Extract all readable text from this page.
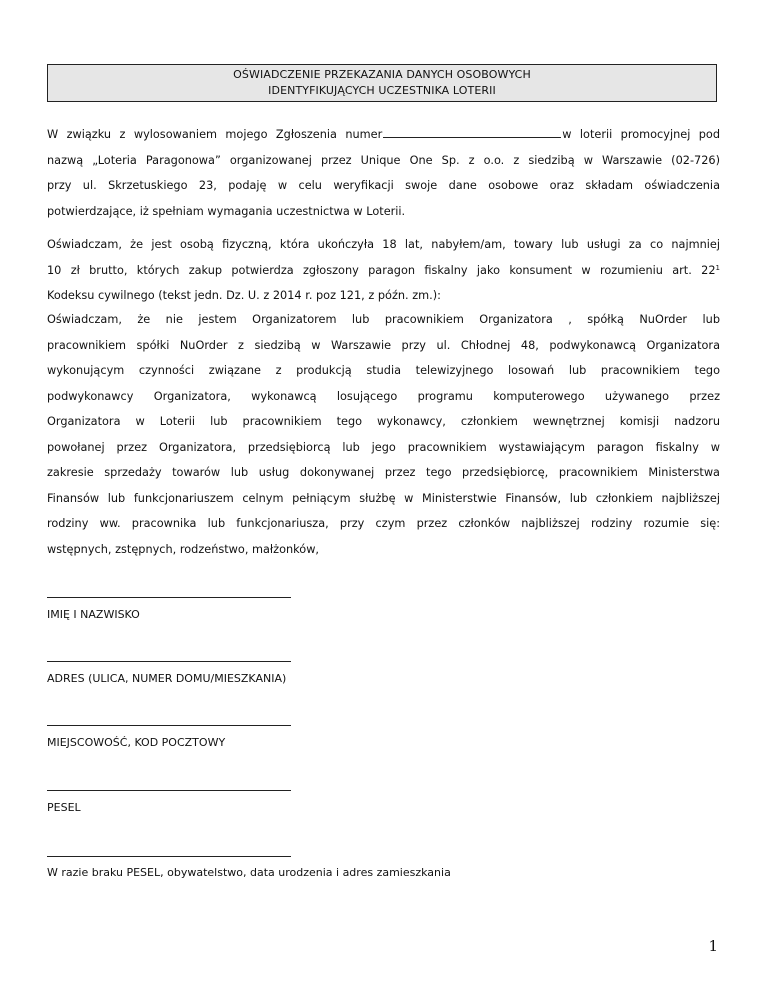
OŚWIADCZENIE PRZEKAZANIA DANYCH OSOBOWYCH
IDENTYFIKUJĄCYCH UCZESTNIKA LOTERII

W związku z wylosowaniem mojego Zgłoszenia numer	w loterii promocyjnej pod
nazwą „Loteria Paragonowa” organizowanej przez Unique One Sp. z o.o. z siedzibą w Warszawie (02-726)
przy ul. Skrzetuskiego 23, podaję w celu weryfikacji swoje dane osobowe oraz składam oświadczenia
potwierdzające, iż spełniam wymagania uczestnictwa w Loterii.

Oświadczam, że jest osobą fizyczną, która ukończyła 18 lat, nabyłem/am, towary lub usługi za co najmniej
10 zł brutto, których zakup potwierdza zgłoszony paragon fiskalny jako konsument w rozumieniu art. $22^1$
Kodeksu cywilnego (tekst jedn. Dz. U. z 2014 r. poz 121, z późn. zm.):

Oświadczam, że nie jestem Organizatorem lub pracownikiem Organizatora , spółką NuOrder lub
pracownikiem spółki NuOrder z siedzibą w Warszawie przy ul. Chłodnej 48, podwykonawcą Organizatora
wykonującym czynności związane z produkcją studia telewizyjnego losowań lub pracownikiem tego
podwykonawcy Organizatora, wykonawcą losującego programu komputerowego używanego przez
Organizatora w Loterii lub pracownikiem tego wykonawcy, członkiem wewnętrznej komisji nadzoru
powołanej przez Organizatora, przedsiębiorcą lub jego pracownikiem wystawiającym paragon fiskalny w
zakresie sprzedaży towarów lub usług dokonywanej przez tego przedsiębiorcę, pracownikiem Ministerstwa
Finansów lub funkcjonariuszem celnym pełniącym służbę w Ministerstwie Finansów, lub członkiem najbliższej
rodziny ww. pracownika lub funkcjonariusza, przy czym przez członków najbliższej rodziny rozumie się:
wstępnych, zstępnych, rodzeństwo, małżonków,

IMIĘ I NAZWISKO
ADRES (ULICA, NUMER DOMU/MIESZKANIA)
MIEJSCOWOŚĆ, KOD POCZTOWY
PESEL
W razie braku PESEL, obywatelstwo, data urodzenia i adres zamieszkania
1
